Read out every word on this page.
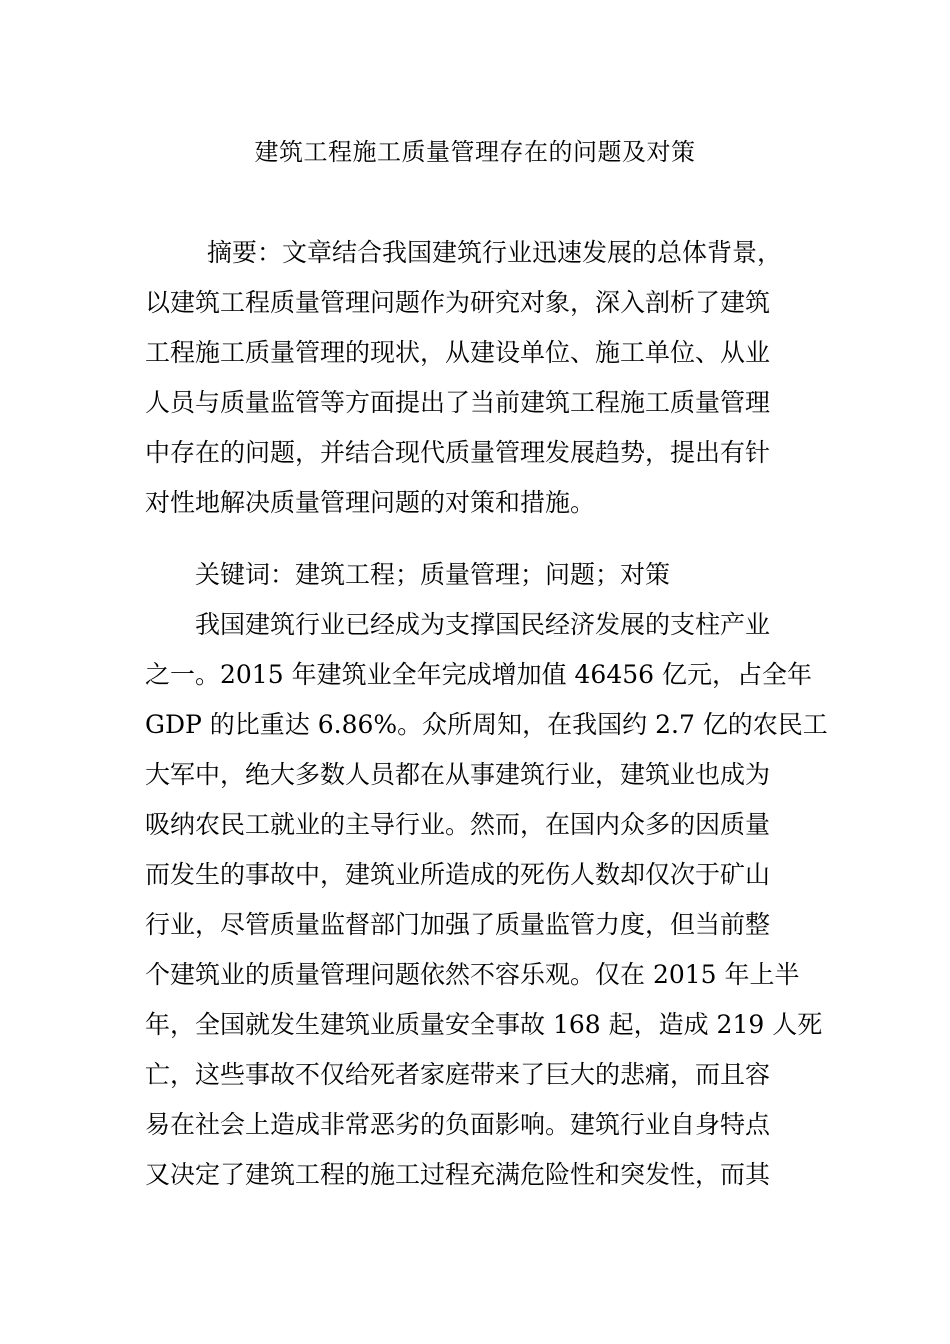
建筑工程施工质量管理存在的问题及对策
摘要：文章结合我国建筑行业迅速发展的总体背景，
以建筑工程质量管理问题作为研究对象，深入剖析了建筑
工程施工质量管理的现状，从建设单位、施工单位、从业
人员与质量监管等方面提出了当前建筑工程施工质量管理
中存在的问题，并结合现代质量管理发展趋势，提出有针
对性地解决质量管理问题的对策和措施。
关键词：建筑工程；质量管理；问题；对策
我国建筑行业已经成为支撑国民经济发展的支柱产业
之一。2015 年建筑业全年完成增加值 46456 亿元，占全年
GDP 的比重达 6.86%。众所周知，在我国约 2.7 亿的农民工
大军中，绝大多数人员都在从事建筑行业，建筑业也成为
吸纳农民工就业的主导行业。然而，在国内众多的因质量
而发生的事故中，建筑业所造成的死伤人数却仅次于矿山
行业，尽管质量监督部门加强了质量监管力度，但当前整
个建筑业的质量管理问题依然不容乐观。仅在 2015 年上半
年，全国就发生建筑业质量安全事故 168 起，造成 219 人死
亡，这些事故不仅给死者家庭带来了巨大的悲痛，而且容
易在社会上造成非常恶劣的负面影响。建筑行业自身特点
又决定了建筑工程的施工过程充满危险性和突发性，而其
